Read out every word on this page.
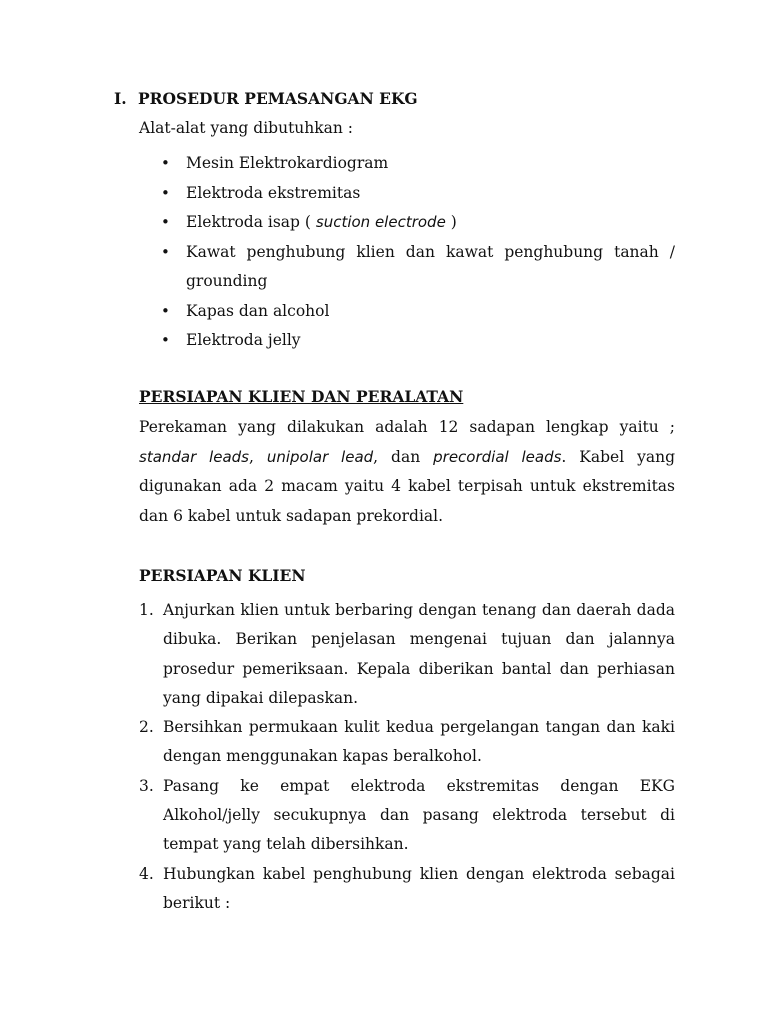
I. PROSEDUR PEMASANGAN EKG
Alat-alat yang dibutuhkan :
• Mesin Elektrokardiogram
• Elektroda ekstremitas
• Elektroda isap ( suction electrode )
• Kawat penghubung klien dan kawat penghubung tanah / grounding
• Kapas dan alcohol
• Elektroda jelly
PERSIAPAN KLIEN DAN PERALATAN
Perekaman yang dilakukan adalah 12 sadapan lengkap yaitu ; standar leads, unipolar lead, dan precordial leads. Kabel yang digunakan ada 2 macam yaitu 4 kabel terpisah untuk ekstremitas dan 6 kabel untuk sadapan prekordial.
PERSIAPAN KLIEN
1. Anjurkan klien untuk berbaring dengan tenang dan daerah dada dibuka. Berikan penjelasan mengenai tujuan dan jalannya prosedur pemeriksaan. Kepala diberikan bantal dan perhiasan yang dipakai dilepaskan.
2. Bersihkan permukaan kulit kedua pergelangan tangan dan kaki dengan menggunakan kapas beralkohol.
3. Pasang ke empat elektroda ekstremitas dengan EKG Alkohol/jelly secukupnya dan pasang elektroda tersebut di tempat yang telah dibersihkan.
4. Hubungkan kabel penghubung klien dengan elektroda sebagai berikut :
